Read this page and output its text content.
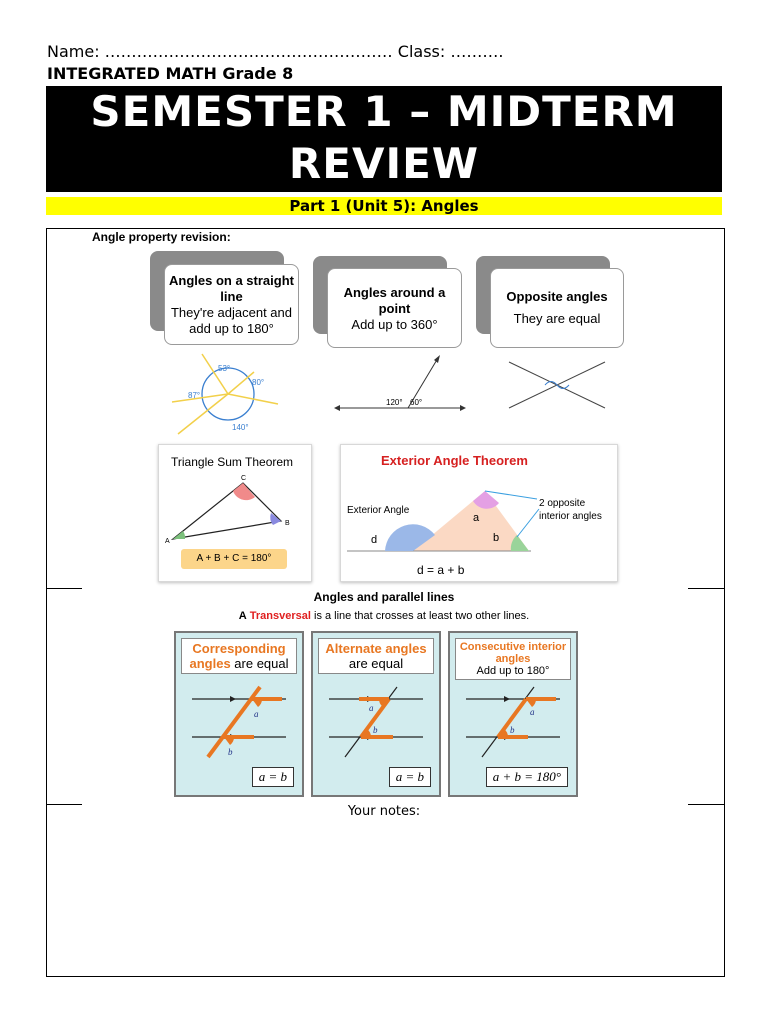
Name: ……………………………………………… Class: ……….
INTEGRATED MATH Grade 8
SEMESTER 1 – MIDTERM
REVIEW
Part 1 (Unit 5): Angles
Angle property revision:
Angles on a straight line
They're adjacent and add up to 180°
Angles around a point
Add up to 360°
Opposite angles
They are equal
53°
80°
87°
140°
120° 60°
Triangle Sum Theorem
C
A
B
A + B + C = 180°
Exterior Angle Theorem
a
b
d
Exterior Angle
2 opposite interior angles
d = a + b
Angles and parallel lines
A Transversal is a line that crosses at least two other lines.
Corresponding angles are equal
a
b
a = b
Alternate angles
are equal
a
b
a = b
Consecutive interior angles
Add up to 180°
a
b
a + b = 180°
Your notes:
